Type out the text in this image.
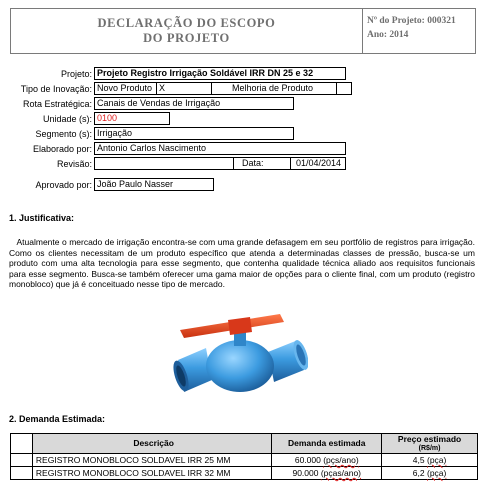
DECLARAÇÃO DO ESCOPO
DO PROJETO
Nº do Projeto: 000321
Ano: 2014
Projeto: Projeto Registro Irrigação Soldável IRR DN 25 e 32
Tipo de Inovação: Novo Produto X	Melhoria de Produto
Rota Estratégica: Canais de Vendas de Irrigação
Unidade (s): 0100
Segmento (s): Irrigação
Elaborado por: Antonio Carlos Nascimento
Revisão:	Data:	01/04/2014
Aprovado por: João Paulo Nasser
1. Justificativa:
Atualmente o mercado de irrigação encontra-se com uma grande defasagem em seu portfólio de registros para irrigação. Como os clientes necessitam de um produto específico que atenda a determinadas classes de pressão, busca-se um produto com uma alta tecnologia para esse segmento, que contenha qualidade técnica aliado aos requisitos funcionais para esse segmento. Busca-se também oferecer uma gama maior de opções para o cliente final, com um produto (registro monobloco) que já é conceituado nesse tipo de mercado.
2. Demanda Estimada:
	Descrição	Demanda estimada	Preço estimado
(R$/m)

	REGISTRO MONOBLOCO SOLDAVEL IRR 25 MM	60.000 (pçs/ano)	4,5 (pça)
	REGISTRO MONOBLOCO SOLDAVEL IRR 32 MM	90.000 (pças/ano)	6,2 (pça)
